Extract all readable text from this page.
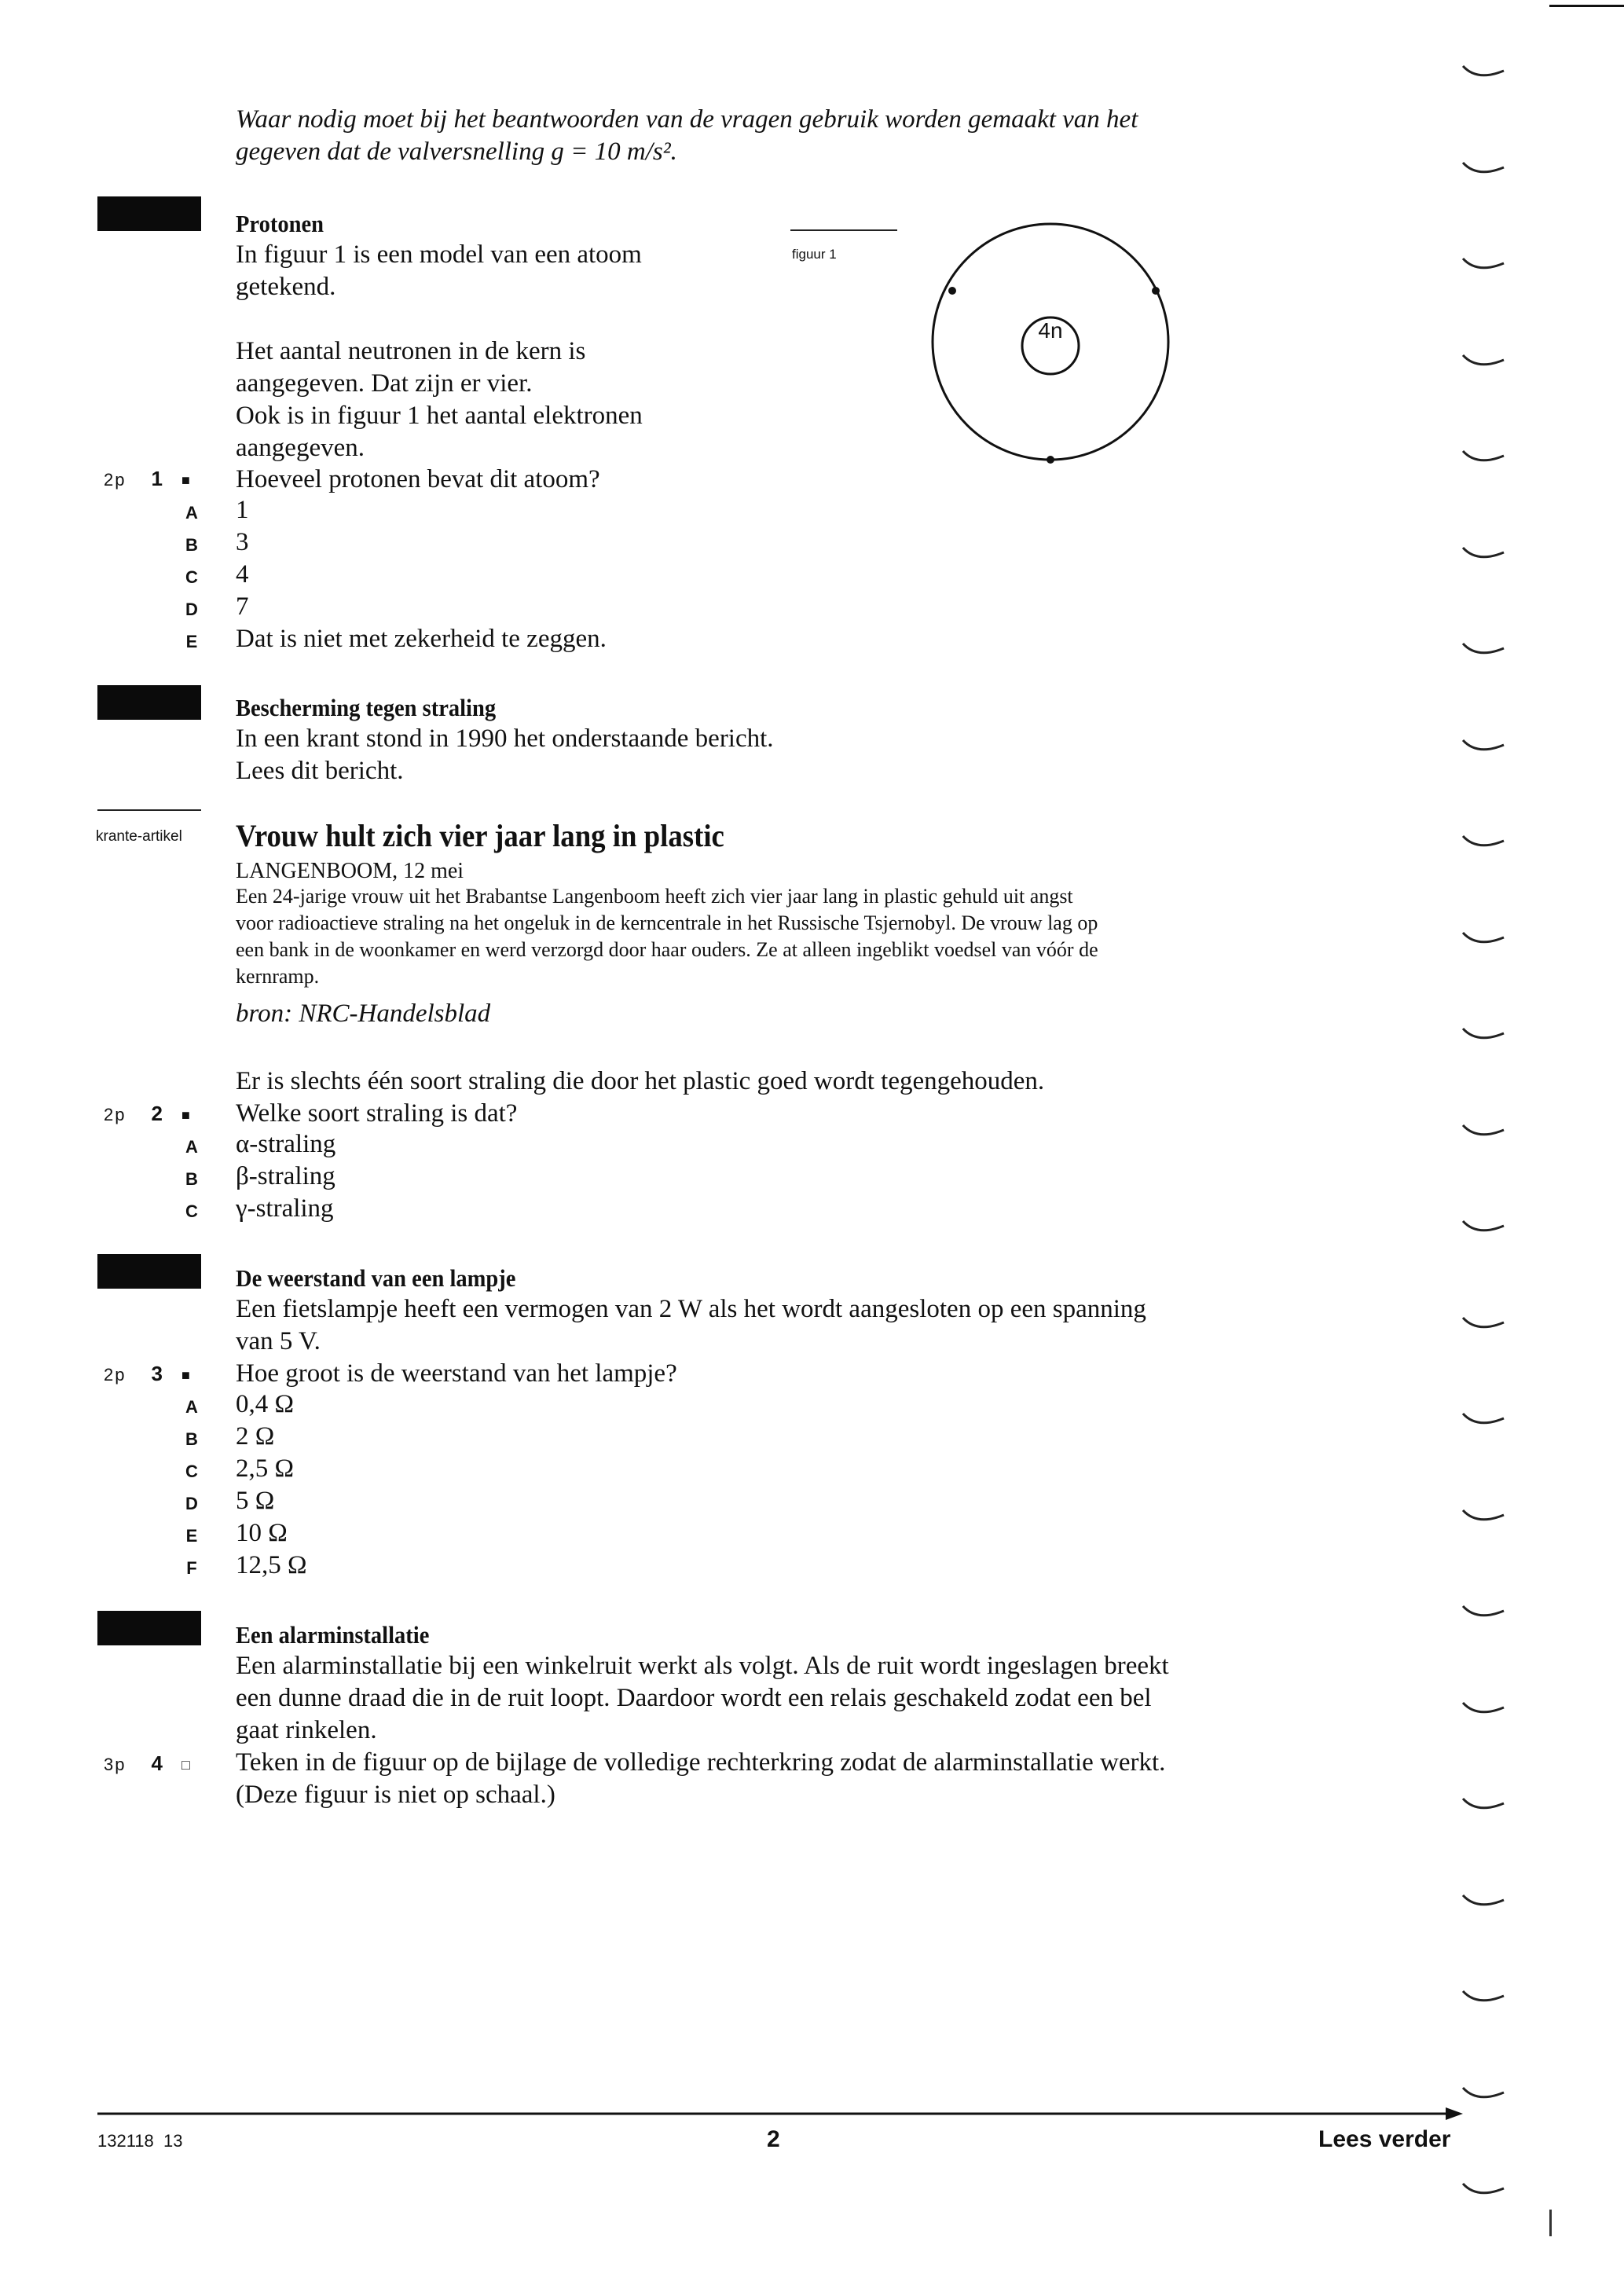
Waar nodig moet bij het beantwoorden van de vragen gebruik worden gemaakt van het
gegeven dat de valversnelling g = 10 m/s².
Protonen
In figuur 1 is een model van een atoom
getekend.
Het aantal neutronen in de kern is
aangegeven. Dat zijn er vier.
Ook is in figuur 1 het aantal elektronen
aangegeven.
figuur 1
4n
2p 1 ■ Hoeveel protonen bevat dit atoom?
A 1
B 3
C 4
D 7
E Dat is niet met zekerheid te zeggen.
Bescherming tegen straling
In een krant stond in 1990 het onderstaande bericht.
Lees dit bericht.
krante-artikel Vrouw hult zich vier jaar lang in plastic
LANGENBOOM, 12 mei
Een 24-jarige vrouw uit het Brabantse Langenboom heeft zich vier jaar lang in plastic gehuld uit angst
voor radioactieve straling na het ongeluk in de kerncentrale in het Russische Tsjernobyl. De vrouw lag op
een bank in de woonkamer en werd verzorgd door haar ouders. Ze at alleen ingeblikt voedsel van vóór de
kernramp.
bron: NRC-Handelsblad
Er is slechts één soort straling die door het plastic goed wordt tegengehouden.
2p 2 ■ Welke soort straling is dat?
A α-straling
B β-straling
C γ-straling
De weerstand van een lampje
Een fietslampje heeft een vermogen van 2 W als het wordt aangesloten op een spanning
van 5 V.
2p 3 ■ Hoe groot is de weerstand van het lampje?
A 0,4 Ω
B 2 Ω
C 2,5 Ω
D 5 Ω
E 10 Ω
F 12,5 Ω
Een alarminstallatie
Een alarminstallatie bij een winkelruit werkt als volgt. Als de ruit wordt ingeslagen breekt
een dunne draad die in de ruit loopt. Daardoor wordt een relais geschakeld zodat een bel
gaat rinkelen.
3p 4 □ Teken in de figuur op de bijlage de volledige rechterkring zodat de alarminstallatie werkt.
(Deze figuur is niet op schaal.)
132118  13	2	Lees verder
